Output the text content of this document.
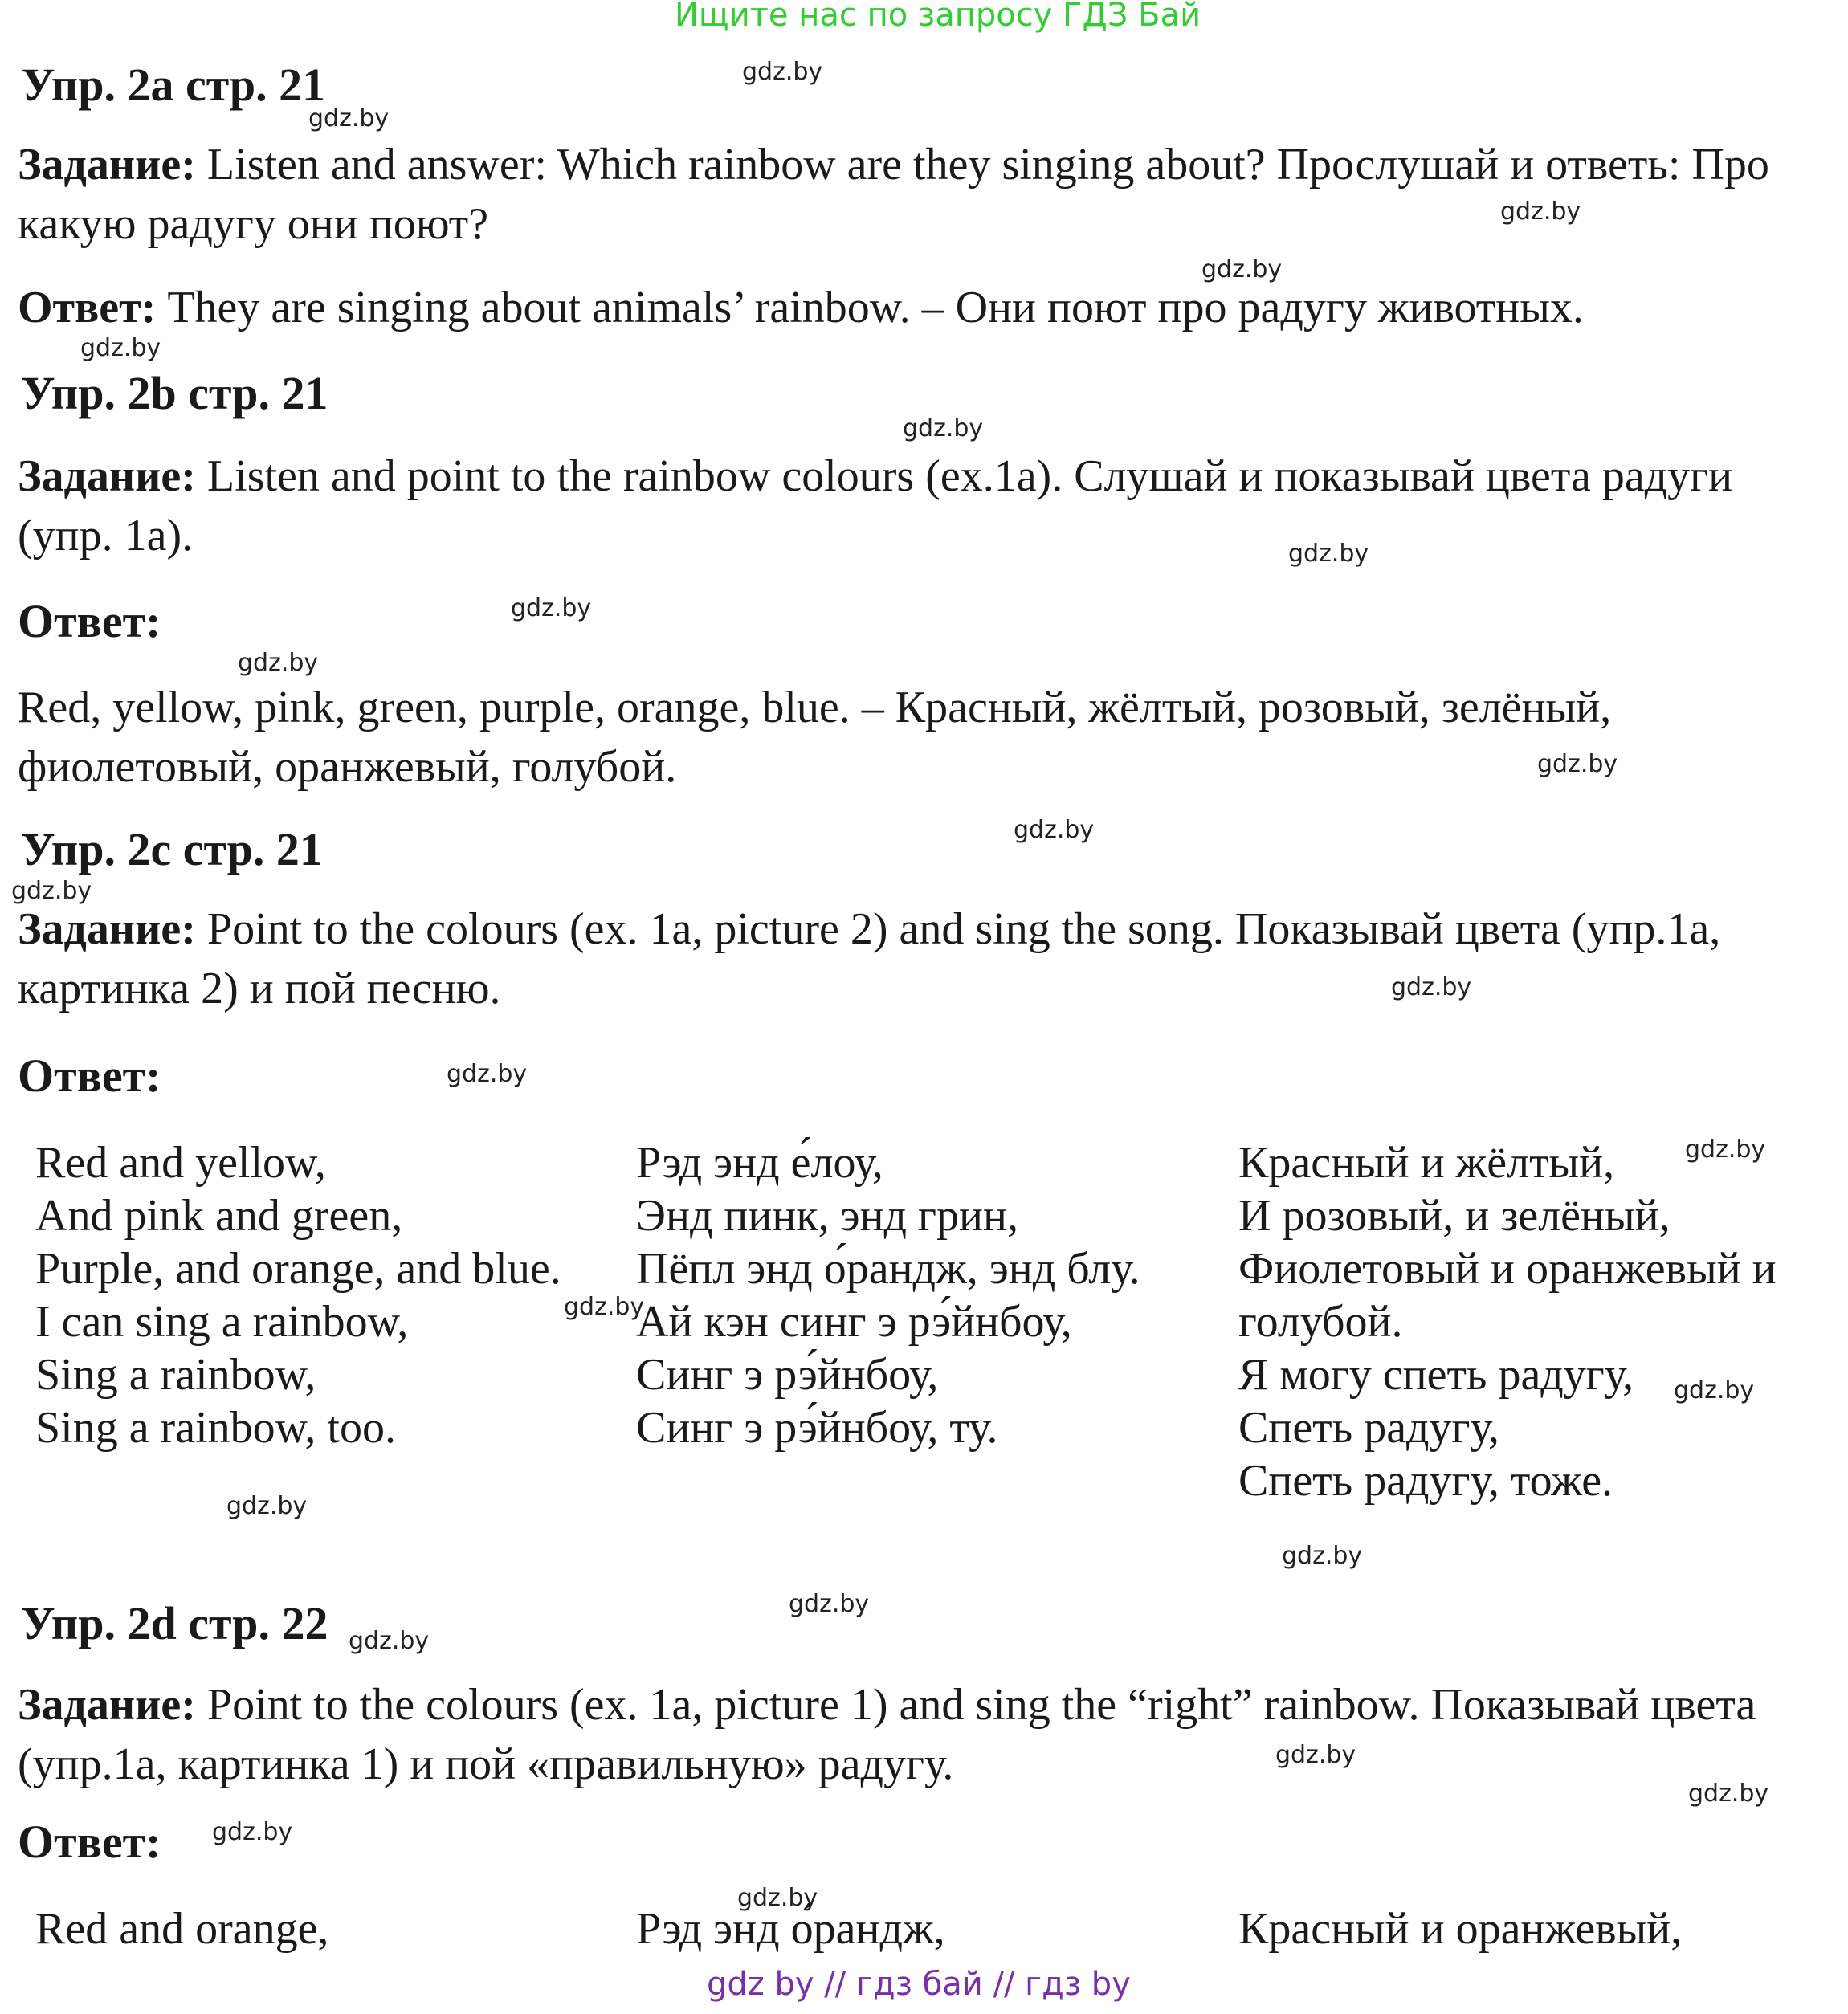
Ищите нас по запросу ГДЗ Бай
Упр. 2a стр. 21
Задание: Listen and answer: Which rainbow are they singing about? Прослушай и ответь: Про какую радугу они поют?
Ответ: They are singing about animals’ rainbow. – Они поют про радугу животных.
Упр. 2b стр. 21
Задание: Listen and point to the rainbow colours (ex.1a). Слушай и показывай цвета радуги (упр. 1a).
Ответ:
Red, yellow, pink, green, purple, orange, blue. – Красный, жёлтый, розовый, зелёный, фиолетовый, оранжевый, голубой.
Упр. 2c стр. 21
Задание: Point to the colours (ex. 1a, picture 2) and sing the song. Показывай цвета (упр.1a, картинка 2) и пой песню.
Ответ:
Red and yellow,
And pink and green,
Purple, and orange, and blue.
I can sing a rainbow,
Sing a rainbow,
Sing a rainbow, too.
Рэд энд е́лоу,
Энд пинк, энд грин,
Пёпл энд о́рандж, энд блу.
Ай кэн синг э рэ́йнбоу,
Синг э рэ́йнбоу,
Синг э рэ́йнбоу, ту.
Красный и жёлтый,
И розовый, и зелёный,
Фиолетовый и оранжевый и
голубой.
Я могу спеть радугу,
Спеть радугу,
Спеть радугу, тоже.
Упр. 2d стр. 22
Задание: Point to the colours (ex. 1a, picture 1) and sing the “right” rainbow. Показывай цвета (упр.1a, картинка 1) и пой «правильную» радугу.
Ответ:
Red and orange,	Рэд энд о́рандж,	Красный и оранжевый,
gdz by // гдз бай // гдз by
gdz.by
gdz.by
gdz.by
gdz.by
gdz.by
gdz.by
gdz.by
gdz.by
gdz.by
gdz.by
gdz.by
gdz.by
gdz.by
gdz.by
gdz.by
gdz.by
gdz.by
gdz.by
gdz.by
gdz.by
gdz.by
gdz.by
gdz.by
gdz.by
gdz.by
